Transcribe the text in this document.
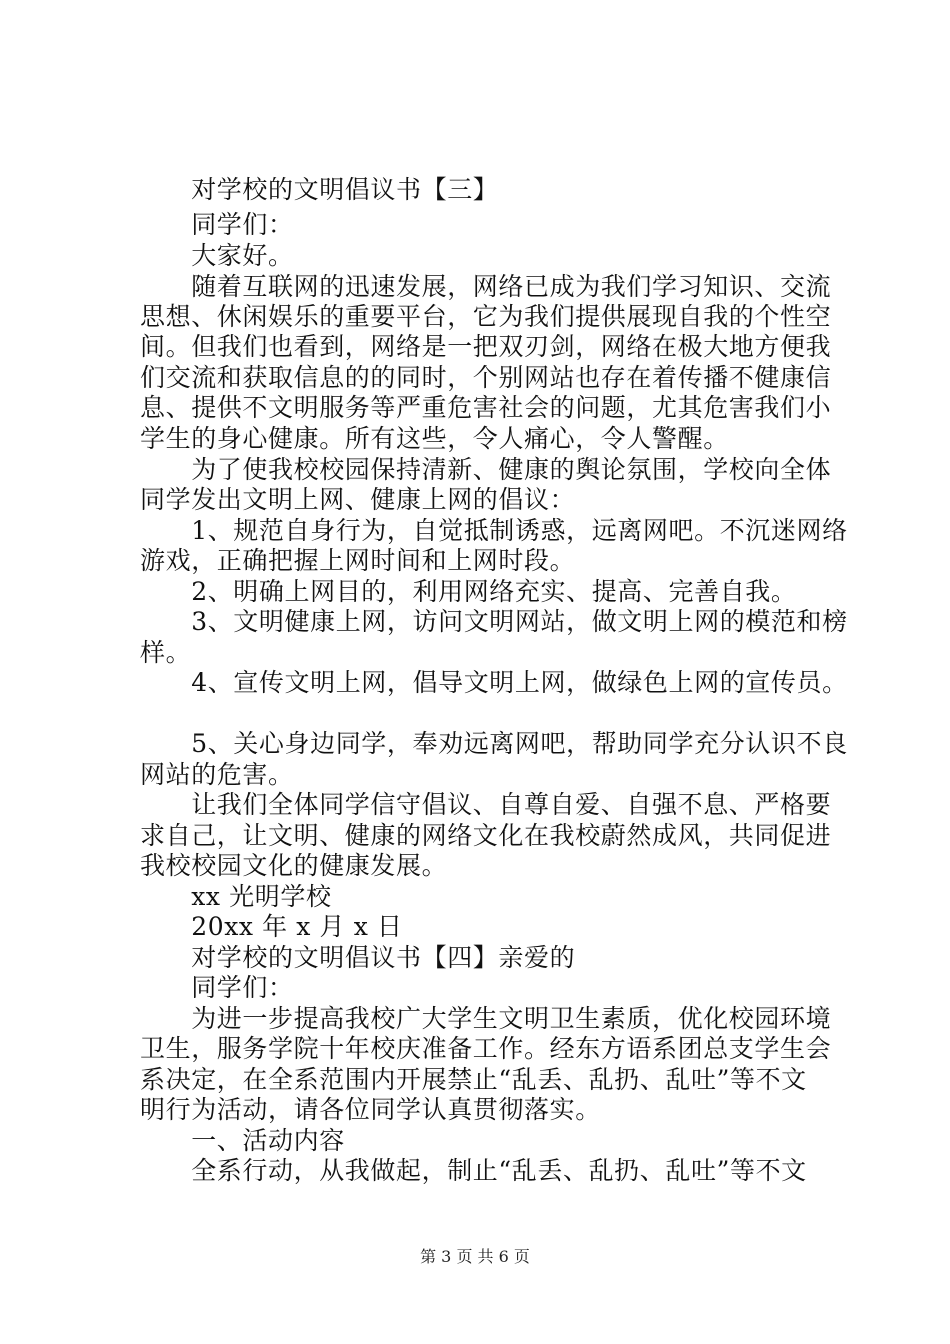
　　对学校的文明倡议书【三】
　　同学们：
　　大家好。
　　随着互联网的迅速发展，网络已成为我们学习知识、交流
思想、休闲娱乐的重要平台，它为我们提供展现自我的个性空
间。但我们也看到，网络是一把双刃剑，网络在极大地方便我
们交流和获取信息的的同时，个别网站也存在着传播不健康信
息、提供不文明服务等严重危害社会的问题，尤其危害我们小
学生的身心健康。所有这些，令人痛心，令人警醒。
　　为了使我校校园保持清新、健康的舆论氛围，学校向全体
同学发出文明上网、健康上网的倡议：
　　1、规范自身行为，自觉抵制诱惑，远离网吧。不沉迷网络
游戏，正确把握上网时间和上网时段。
　　2、明确上网目的，利用网络充实、提高、完善自我。
　　3、文明健康上网，访问文明网站，做文明上网的模范和榜
样。
　　4、宣传文明上网，倡导文明上网，做绿色上网的宣传员。
　　5、关心身边同学，奉劝远离网吧，帮助同学充分认识不良
网站的危害。
　　让我们全体同学信守倡议、自尊自爱、自强不息、严格要
求自己，让文明、健康的网络文化在我校蔚然成风，共同促进
我校校园文化的健康发展。
　　xx 光明学校
　　20xx 年 x 月 x 日
　　对学校的文明倡议书【四】亲爱的
　　同学们：
　　为进一步提高我校广大学生文明卫生素质，优化校园环境
卫生，服务学院十年校庆准备工作。经东方语系团总支学生会
系决定，在全系范围内开展禁止“乱丢、乱扔、乱吐”等不文
明行为活动，请各位同学认真贯彻落实。
　　一、活动内容
　　全系行动，从我做起，制止“乱丢、乱扔、乱吐”等不文
第 3 页 共 6 页
